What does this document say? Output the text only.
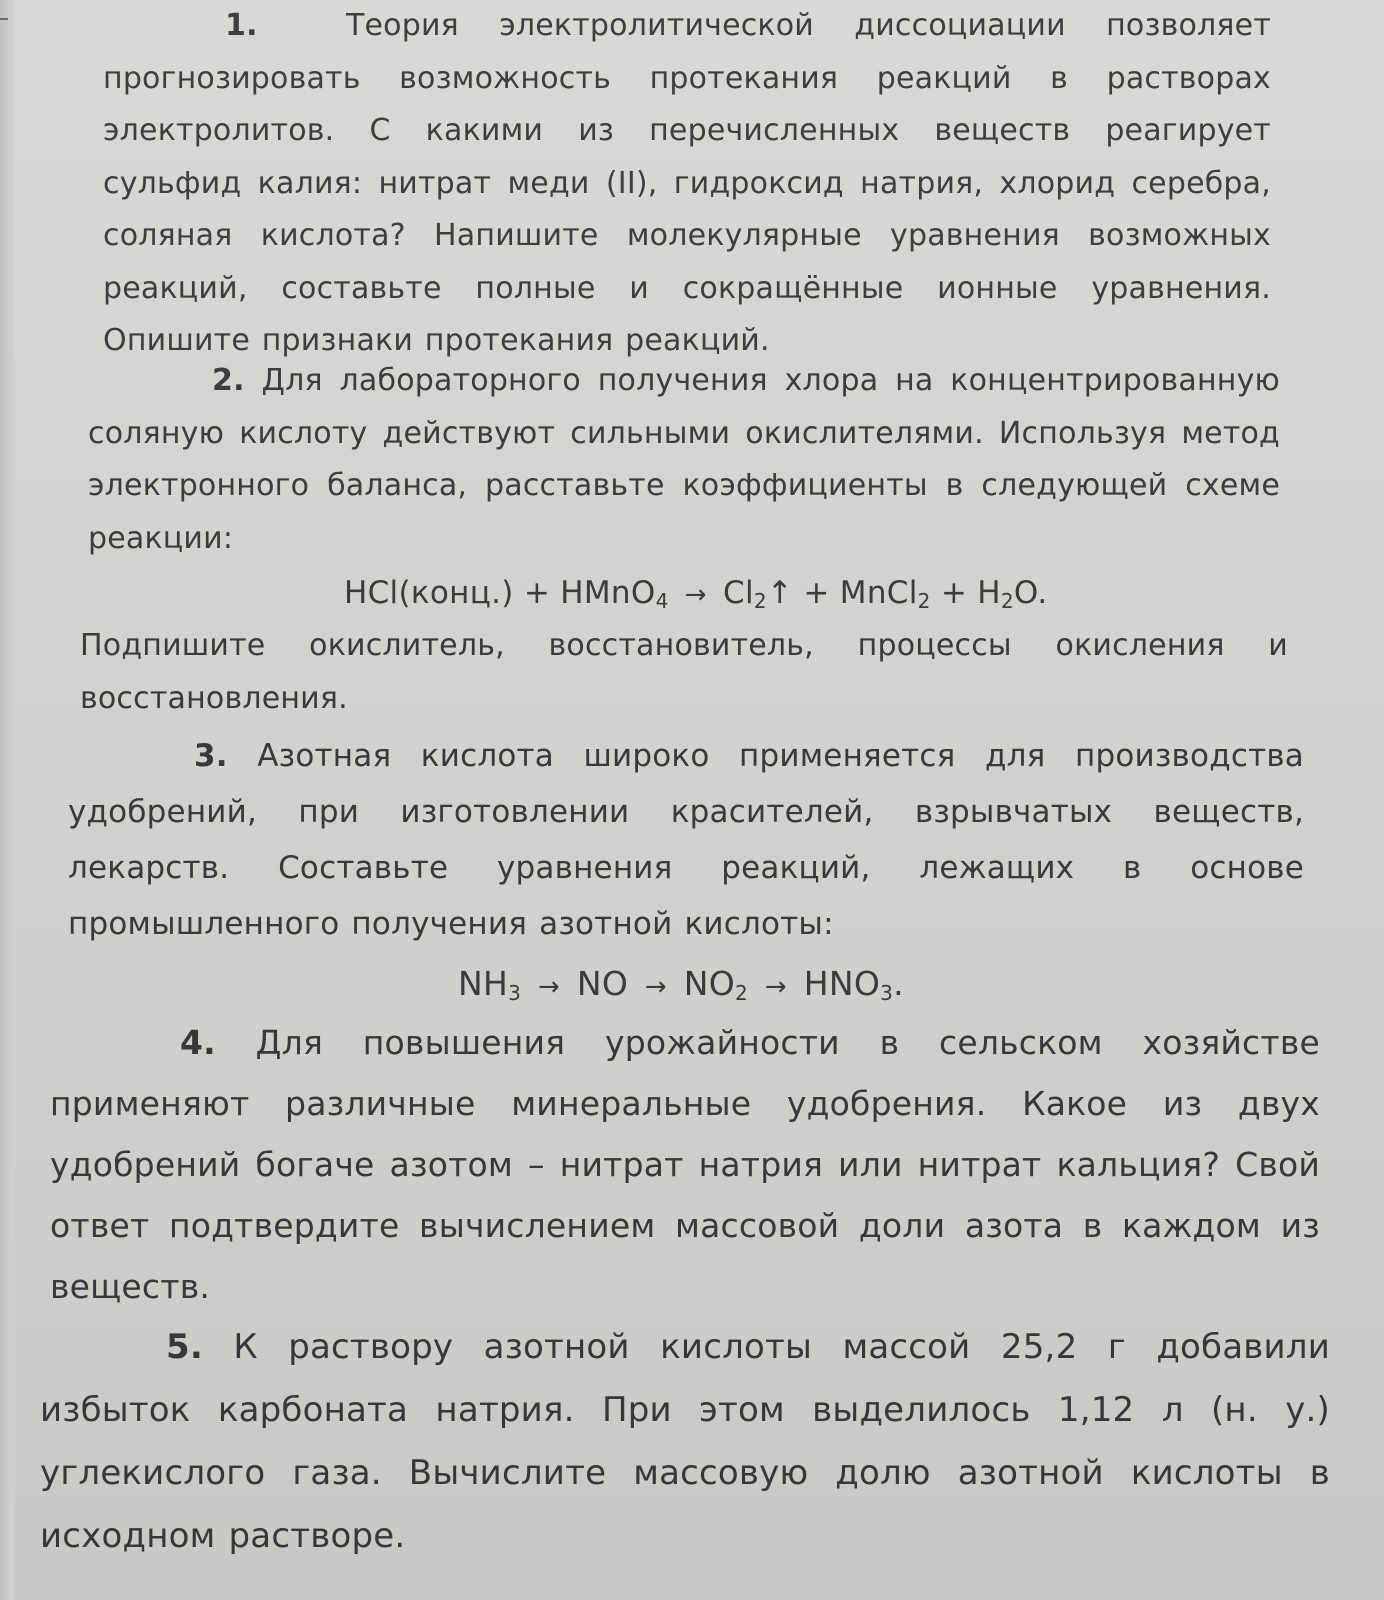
1.	Теория электролитической диссоциации позволяет прогнозировать возможность протекания реакций в растворах электролитов. С какими из перечисленных веществ реагирует сульфид калия: нитрат меди (II), гидроксид натрия, хлорид серебра, соляная кислота? Напишите молекулярные уравнения возможных реакций, составьте полные и сокращённые ионные уравнения. Опишите признаки протекания реакций.
2. Для лабораторного получения хлора на концентрированную соляную кислоту действуют сильными окислителями. Используя метод электронного баланса, расставьте коэффициенты в следующей схеме реакции:
HCl(конц.) + HMnO$_4$ → $Cl_2↑$ + MnCl$_2$ + $H_2O$.
Подпишите окислитель, восстановитель, процессы окисления и восстановления.
3. Азотная кислота широко применяется для производства удобрений, при изготовлении красителей, взрывчатых веществ, лекарств. Составьте уравнения реакций, лежащих в основе промышленного получения азотной кислоты:
$NH_3$ → NO → $NO_2 \to HNO_3$.
4. Для повышения урожайности в сельском хозяйстве применяют различные минеральные удобрения. Какое из двух удобрений богаче азотом – нитрат натрия или нитрат кальция? Свой ответ подтвердите вычислением массовой доли азота в каждом из веществ.
5. К раствору азотной кислоты массой 25,2 г добавили избыток карбоната натрия. При этом выделилось 1,12 л (н. у.) углекислого газа. Вычислите массовую долю азотной кислоты в исходном растворе.
